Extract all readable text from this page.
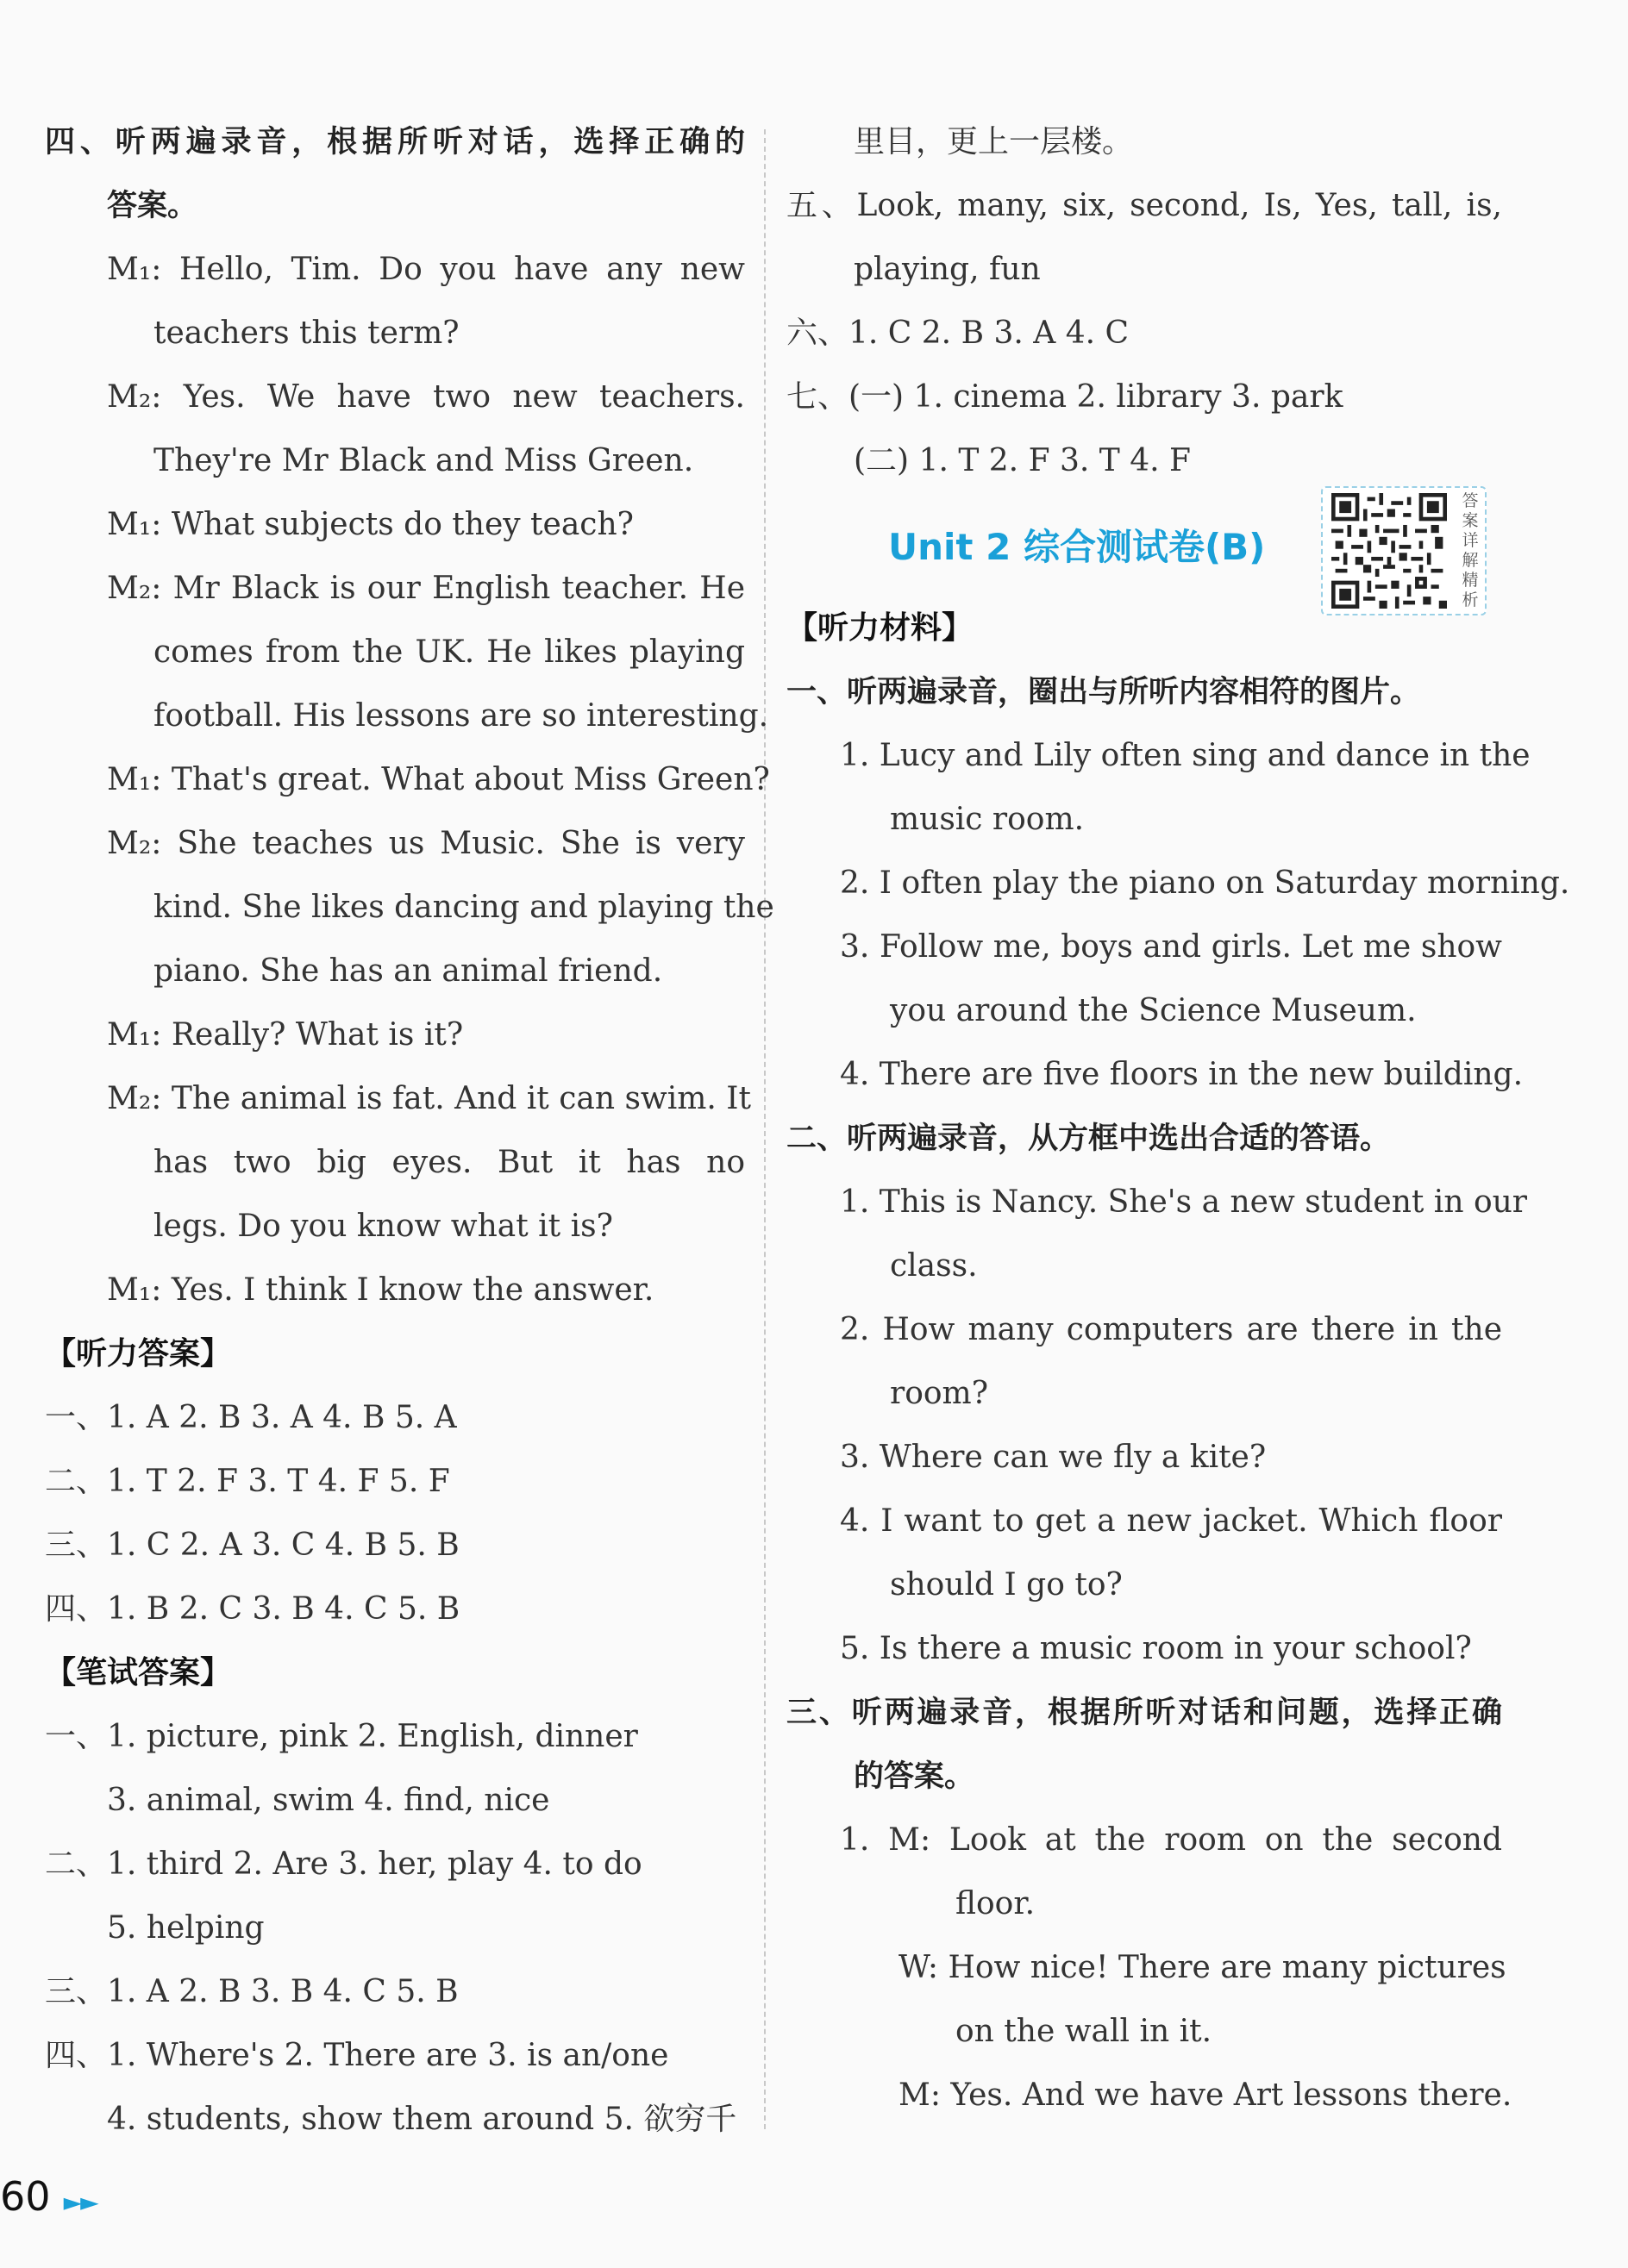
四、听两遍录音，根据所听对话，选择正确的
答案。
M₁: Hello, Tim. Do you have any new
teachers this term?
M₂: Yes. We have two new teachers.
They're Mr Black and Miss Green.
M₁: What subjects do they teach?
M₂: Mr Black is our English teacher. He
comes from the UK. He likes playing
football. His lessons are so interesting.
M₁: That's great. What about Miss Green?
M₂: She teaches us Music. She is very
kind. She likes dancing and playing the
piano. She has an animal friend.
M₁: Really? What is it?
M₂: The animal is fat. And it can swim. It
has two big eyes. But it has no
legs. Do you know what it is?
M₁: Yes. I think I know the answer.
【听力答案】
一、1. A 2. B 3. A 4. B 5. A
二、1. T 2. F 3. T 4. F 5. F
三、1. C 2. A 3. C 4. B 5. B
四、1. B 2. C 3. B 4. C 5. B
【笔试答案】
一、1. picture, pink 2. English, dinner
3. animal, swim 4. find, nice
二、1. third 2. Are 3. her, play 4. to do
5. helping
三、1. A 2. B 3. B 4. C 5. B
四、1. Where's 2. There are 3. is an/one
4. students, show them around 5. 欲穷千
里目，更上一层楼。
五、Look, many, six, second, Is, Yes, tall, is,
playing, fun
六、1. C 2. B 3. A 4. C
七、(一) 1. cinema 2. library 3. park
(二) 1. T 2. F 3. T 4. F
Unit 2 综合测试卷(B)
答案详解精析
【听力材料】
一、听两遍录音，圈出与所听内容相符的图片。
1. Lucy and Lily often sing and dance in the
music room.
2. I often play the piano on Saturday morning.
3. Follow me, boys and girls. Let me show
you around the Science Museum.
4. There are five floors in the new building.
二、听两遍录音，从方框中选出合适的答语。
1. This is Nancy. She's a new student in our
class.
2. How many computers are there in the
room?
3. Where can we fly a kite?
4. I want to get a new jacket. Which floor
should I go to?
5. Is there a music room in your school?
三、听两遍录音，根据所听对话和问题，选择正确
的答案。
1. M: Look at the room on the second
floor.
W: How nice! There are many pictures
on the wall in it.
M: Yes. And we have Art lessons there.
60 ►►
